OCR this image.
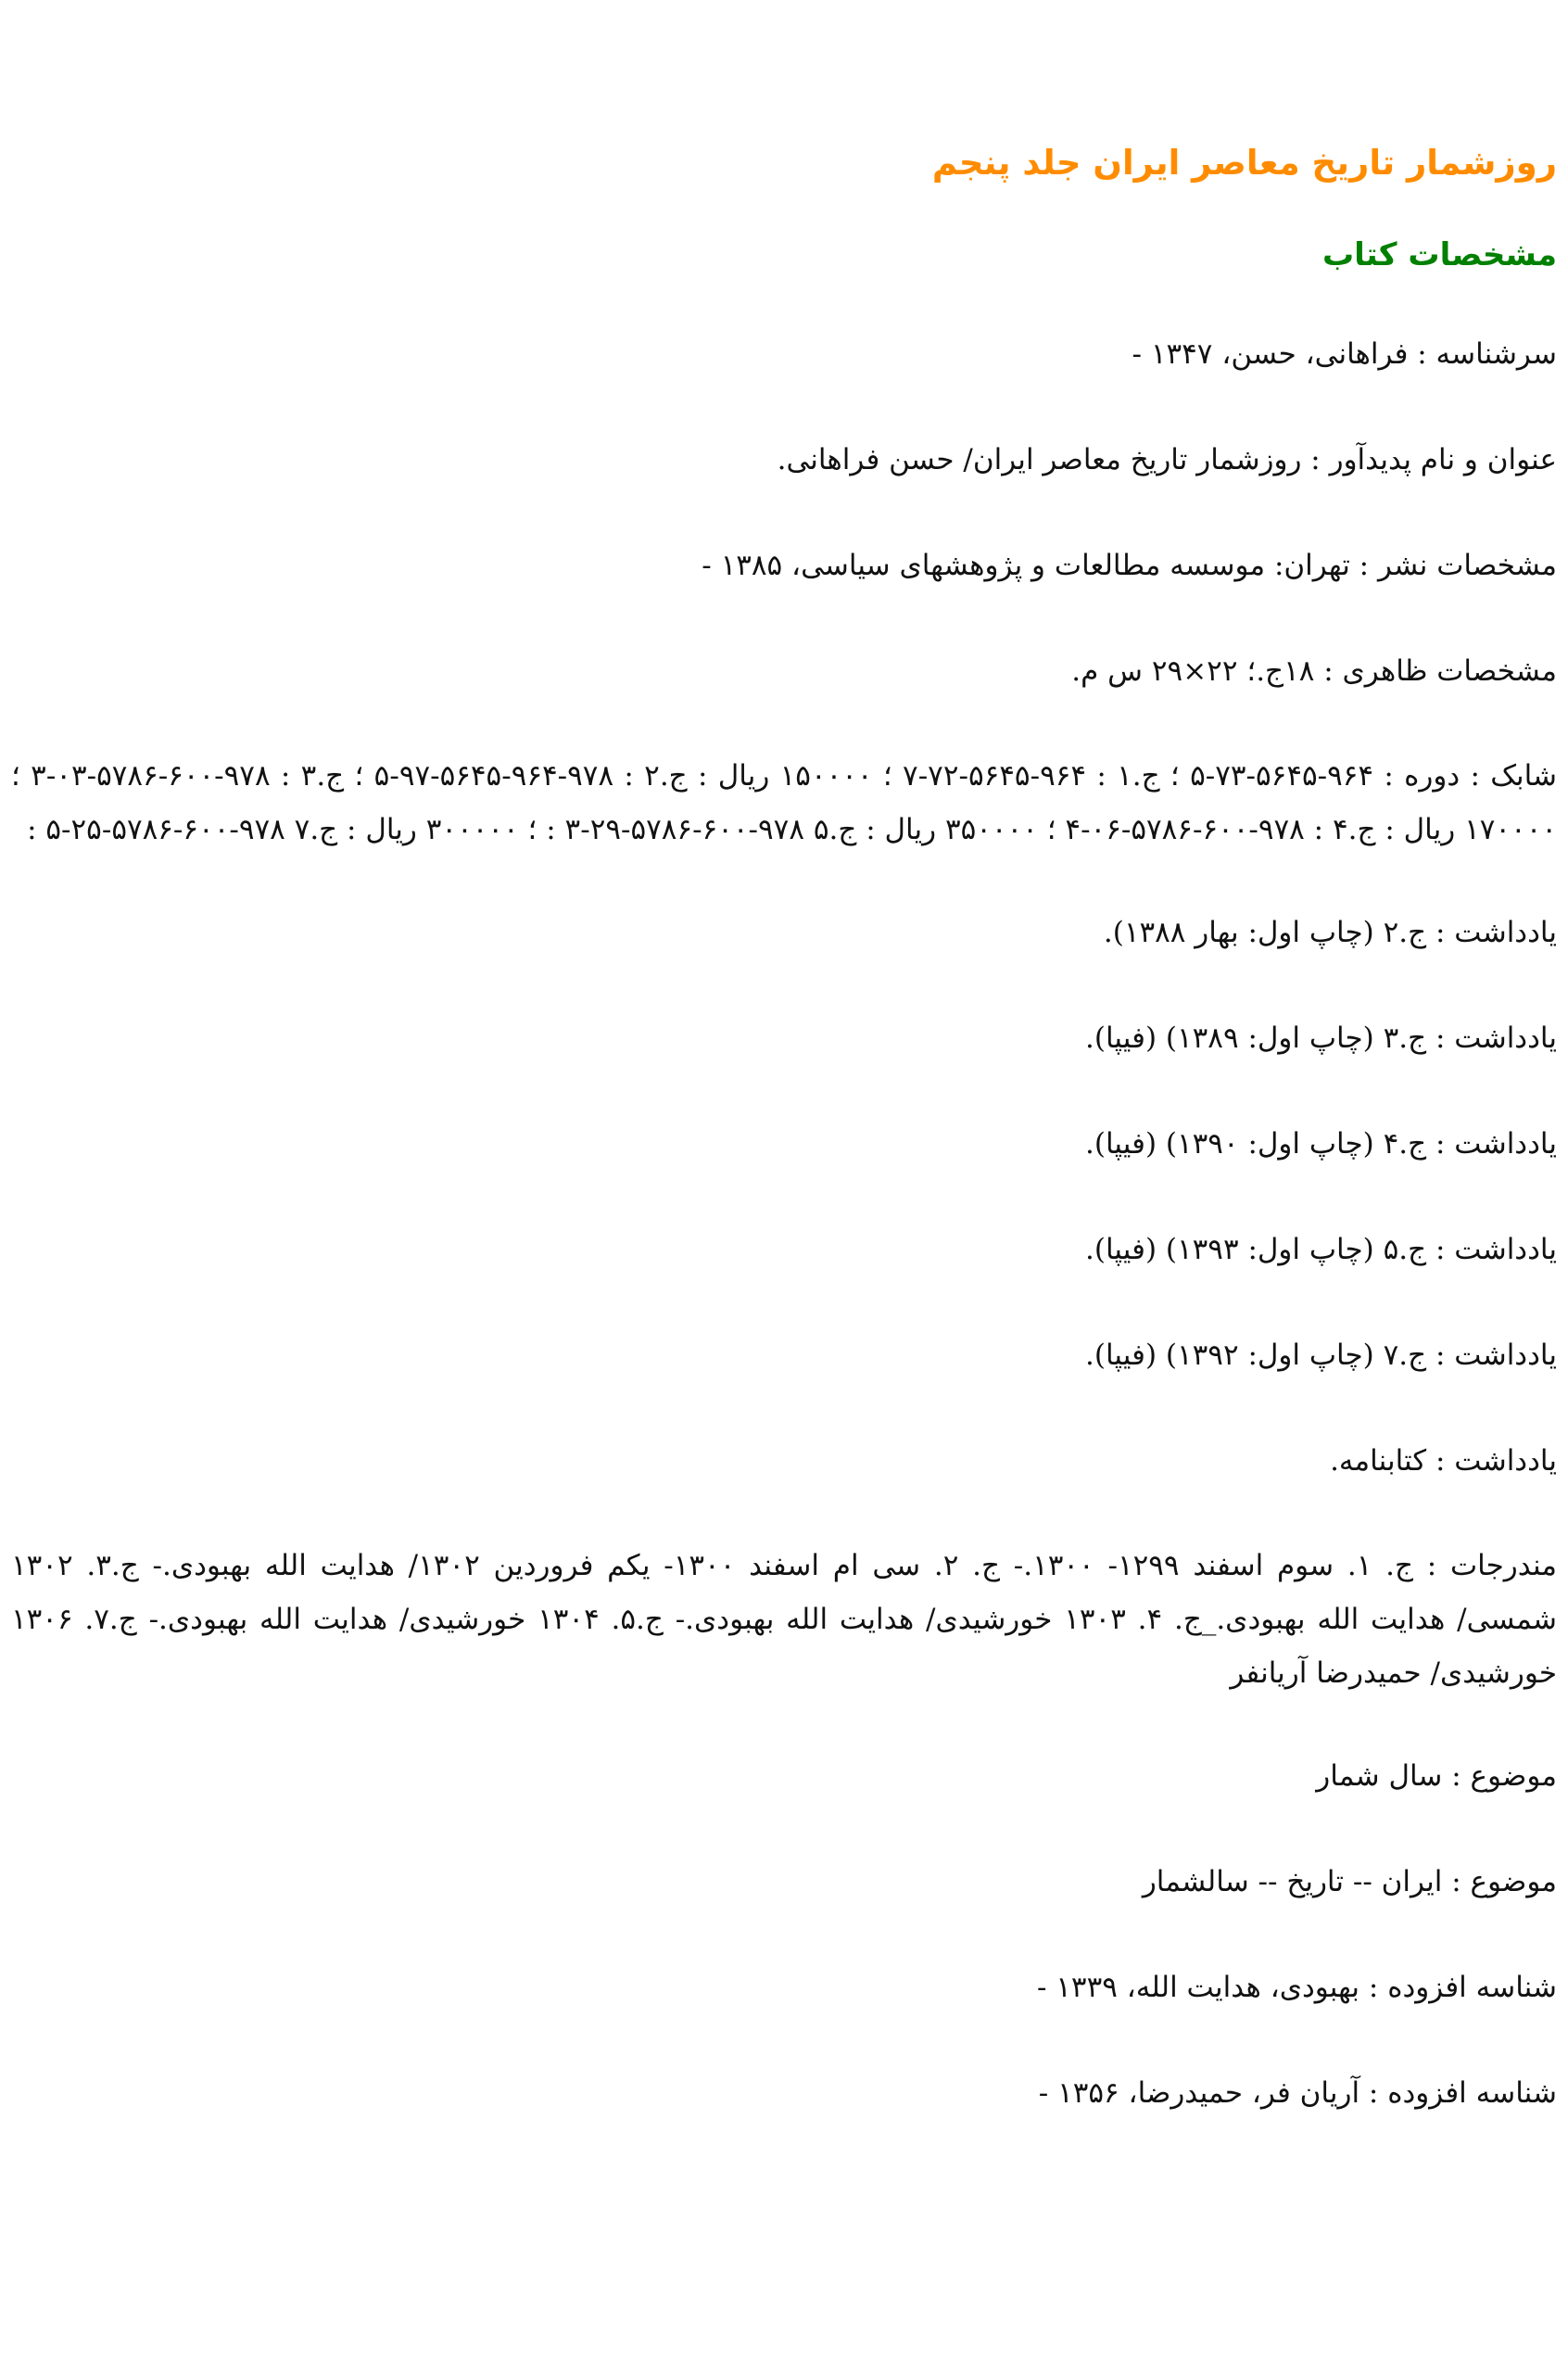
روزشمار تاریخ معاصر ایران جلد پنجم
مشخصات کتاب
سرشناسه : فراهانی، حسن، ۱۳۴۷ -
عنوان و نام پدیدآور : روزشمار تاریخ معاصر ایران/ حسن فراهانی.
مشخصات نشر : تهران: موسسه مطالعات و پژوهشهای سیاسی، ۱۳۸۵ -
مشخصات ظاهری : ۱۸ج.؛ ۲۲×۲۹ س م.
شابک : دوره : ۹۶۴-۵۶۴۵-۷۳-۵ ؛ ج.۱ : ۹۶۴-۵۶۴۵-۷۲-۷ ؛ ۱۵۰۰۰۰ ریال : ج.۲ : ۹۷۸-۹۶۴-۵۶۴۵-۹۷-۵ ؛ ج.۳ : ۹۷۸-۶۰۰-۵۷۸۶-۰۳-۳ ؛ ۱۷۰۰۰۰ ریال : ج.۴ : ۹۷۸-۶۰۰-۵۷۸۶-۰۶-۴ ؛ ۳۵۰۰۰۰ ریال : ج.۵ ۹۷۸-۶۰۰-۵۷۸۶-۲۹-۳ : ؛ ۳۰۰۰۰۰ ریال : ج.۷ ۹۷۸-۶۰۰-۵۷۸۶-۲۵-۵ :
یادداشت : ج.۲ (چاپ اول: بهار ۱۳۸۸).
یادداشت : ج.۳ (چاپ اول: ۱۳۸۹) (فیپا).
یادداشت : ج.۴ (چاپ اول: ۱۳۹۰) (فیپا).
یادداشت : ج.۵ (چاپ اول: ۱۳۹۳) (فیپا).
یادداشت : ج.۷ (چاپ اول: ۱۳۹۲) (فیپا).
یادداشت : کتابنامه.
مندرجات : ج. ۱. سوم اسفند ۱۲۹۹- ۱۳۰۰.- ج. ۲. سی ام اسفند ۱۳۰۰- یکم فروردین ۱۳۰۲/ هدایت الله بهبودی.- ج.۳. ۱۳۰۲ شمسی/ هدایت الله بهبودی._ج. ۴. ۱۳۰۳ خورشیدی/ هدایت الله بهبودی.- ج.۵. ۱۳۰۴ خورشیدی/ هدایت الله بهبودی.- ج.۷. ۱۳۰۶ خورشیدی/ حمیدرضا آریانفر
موضوع : سال شمار
موضوع : ایران -- تاریخ -- سالشمار
شناسه افزوده : بهبودی، هدایت الله، ۱۳۳۹ -
شناسه افزوده : آریان فر، حمیدرضا، ۱۳۵۶ -
